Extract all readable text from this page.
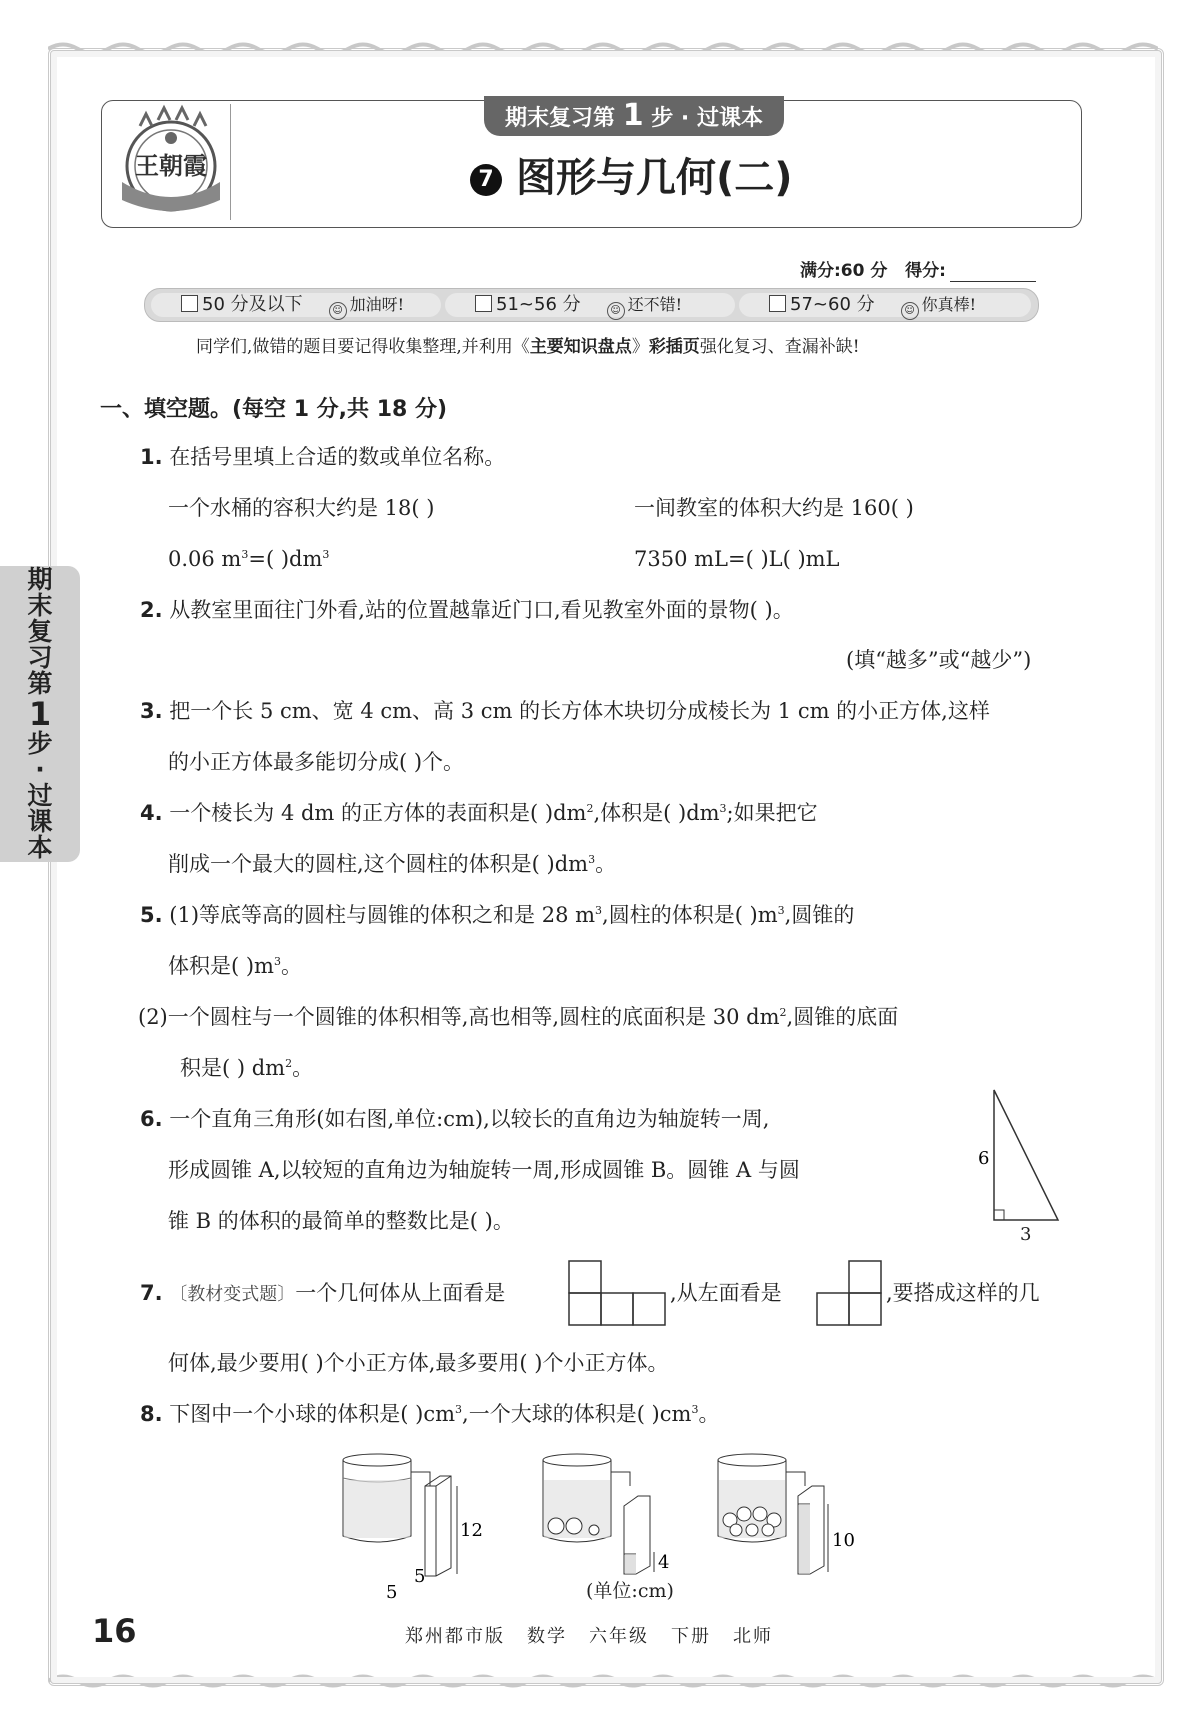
王朝霞
期末复习第 1 步 · 过课本
7 图形与几何(二)
满分:60 分 得分:
50 分及以下	☺ 加油呀!	51~56 分	☺ 还不错!	57~60 分	☺ 你真棒!
同学们,做错的题目要记得收集整理,并利用《主要知识盘点》彩插页强化复习、查漏补缺!
期
末
复
习
第
1
步
·
过
课
本
一、填空题。(每空 1 分,共 18 分)
1. 在括号里填上合适的数或单位名称。
一个水桶的容积大约是 18( )	一间教室的体积大约是 160( )
0.06 $m^3=$( )$dm^3$	7350 mL=( )L( )mL
2. 从教室里面往门外看,站的位置越靠近门口,看见教室外面的景物( )。
(填“越多”或“越少”)
3. 把一个长 5 cm、宽 4 cm、高 3 cm 的长方体木块切分成棱长为 1 cm 的小正方体,这样
的小正方体最多能切分成( )个。
4. 一个棱长为 4 dm 的正方体的表面积是( )$dm^2$,体积是( )$dm^3$;如果把它
削成一个最大的圆柱,这个圆柱的体积是( )$dm^3$。
5. (1)等底等高的圆柱与圆锥的体积之和是 28 $m^3$,圆柱的体积是( )$m^3$,圆锥的
体积是( )$m^3$。
(2)一个圆柱与一个圆锥的体积相等,高也相等,圆柱的底面积是 30 $dm^2$,圆锥的底面
积是( ) $dm^2$。
6. 一个直角三角形(如右图,单位:cm),以较长的直角边为轴旋转一周,
形成圆锥 A,以较短的直角边为轴旋转一周,形成圆锥 B。圆锥 A 与圆
锥 B 的体积的最简单的整数比是( )。
6
3
7. 〔教材变式题〕一个几何体从上面看是	,从左面看是	,要搭成这样的几
何体,最少要用( )个小正方体,最多要用( )个小正方体。
8. 下图中一个小球的体积是( )$cm^3$,一个大球的体积是( )$cm^3$。
12
5
5
4
10
(单位:cm)
16	郑州都市版 数学 六年级 下册 北师
